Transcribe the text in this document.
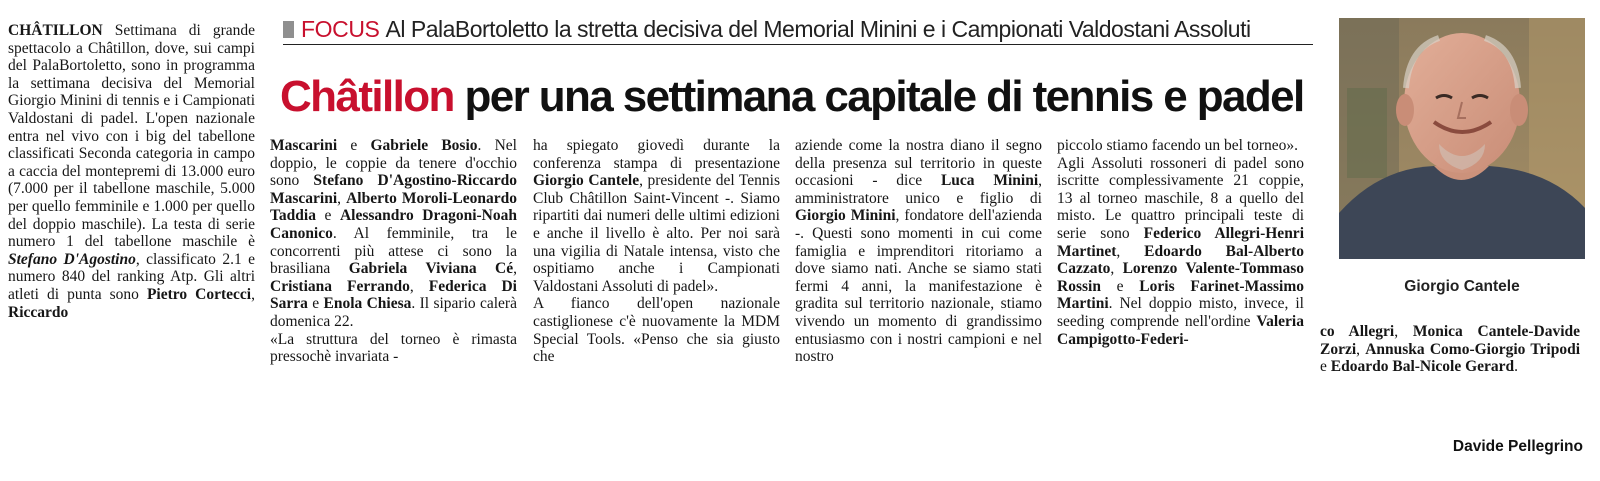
CHÂTILLON Settimana di grande spettacolo a Châtillon, dove, sui campi del PalaBortoletto, sono in programma la settimana decisiva del Memorial Giorgio Minini di tennis e i Campionati Valdostani di padel. L'open nazionale entra nel vivo con i big del tabellone classificati Seconda categoria in campo a caccia del montepremi di 13.000 euro (7.000 per il tabellone maschile, 5.000 per quello femminile e 1.000 per quello del doppio maschile). La testa di serie numero 1 del tabellone maschile è Stefano D'Agostino, classificato 2.1 e numero 840 del ranking Atp. Gli altri atleti di punta sono Pietro Cortecci, Riccardo

FOCUS Al PalaBortoletto la stretta decisiva del Memorial Minini e i Campionati Valdostani Assoluti
Châtillon per una settimana capitale di tennis e padel

Mascarini e Gabriele Bosio. Nel doppio, le coppie da tenere d'occhio sono Stefano D'Agostino-Riccardo Mascarini, Alberto Moroli-Leonardo Taddia e Alessandro Dragoni-Noah Canonico. Al femminile, tra le concorrenti più attese ci sono la brasiliana Gabriela Viviana Cé, Cristiana Ferrando, Federica Di Sarra e Enola Chiesa. Il sipario calerà domenica 22.

«La struttura del torneo è rimasta pressochè invariata -

ha spiegato giovedì durante la conferenza stampa di presentazione Giorgio Cantele, presidente del Tennis Club Châtillon Saint-Vincent -. Siamo ripartiti dai numeri delle ultimi edizioni e anche il livello è alto. Per noi sarà una vigilia di Natale intensa, visto che ospitiamo anche i Campionati Valdostani Assoluti di padel».

A fianco dell'open nazionale castiglionese c'è nuovamente la MDM Special Tools. «Penso che sia giusto che

aziende come la nostra diano il segno della presenza sul territorio in queste occasioni - dice Luca Minini, amministratore unico e figlio di Giorgio Minini, fondatore dell'azienda -. Questi sono momenti in cui come famiglia e imprenditori ritoriamo a dove siamo nati. Anche se siamo stati fermi 4 anni, la manifestazione è gradita sul territorio nazionale, stiamo vivendo un momento di grandissimo entusiasmo con i nostri campioni e nel nostro

piccolo stiamo facendo un bel torneo».

Agli Assoluti rossoneri di padel sono iscritte complessivamente 21 coppie, 13 al torneo maschile, 8 a quello del misto. Le quattro principali teste di serie sono Federico Allegri-Henri Martinet, Edoardo Bal-Alberto Cazzato, Lorenzo Valente-Tommaso Rossin e Loris Farinet-Massimo Martini. Nel doppio misto, invece, il seeding comprende nell'ordine Valeria Campigotto-Federi-

Giorgio Cantele

co Allegri, Monica Cantele-Davide Zorzi, Annuska Como-Giorgio Tripodi e Edoardo Bal-Nicole Gerard.

Davide Pellegrino
